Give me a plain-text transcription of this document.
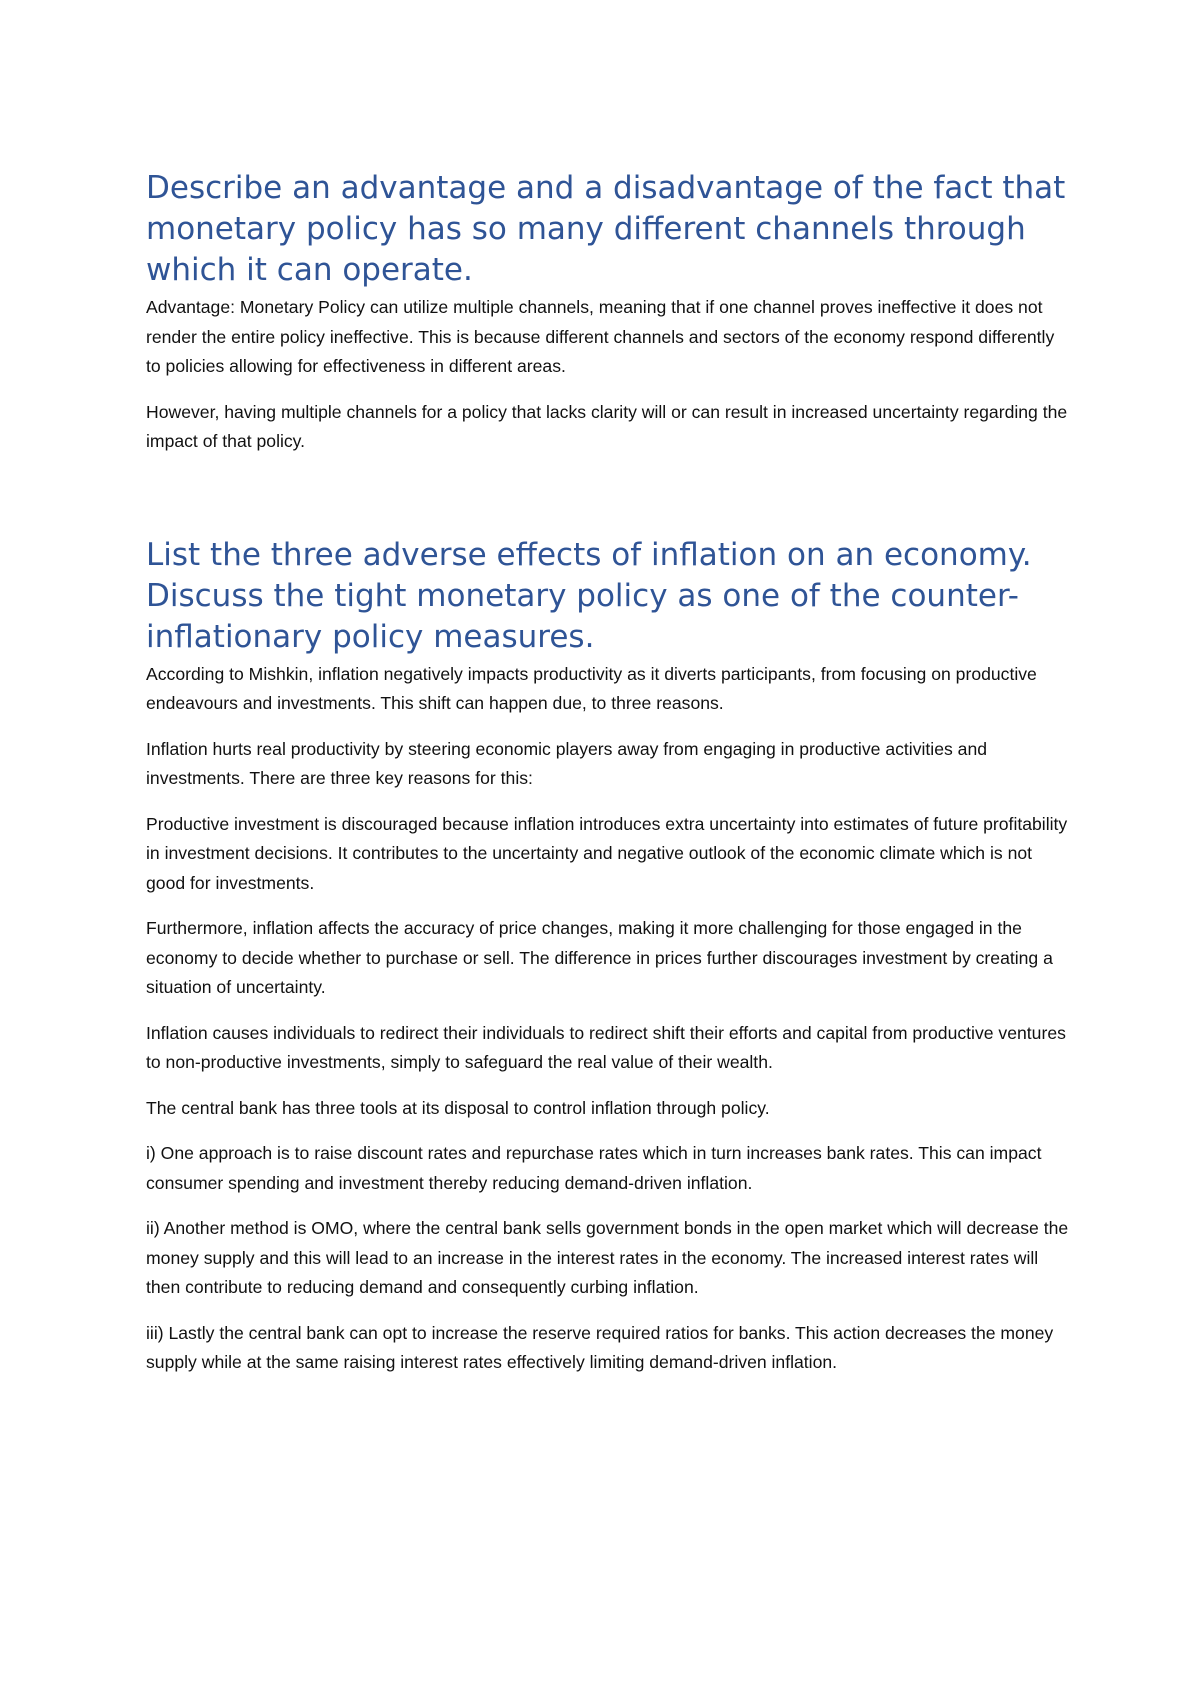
Describe an advantage and a disadvantage of the fact that monetary policy has so many different channels through which it can operate.

Advantage: Monetary Policy can utilize multiple channels, meaning that if one channel proves ineffective it does not render the entire policy ineffective. This is because different channels and sectors of the economy respond differently to policies allowing for effectiveness in different areas.

However, having multiple channels for a policy that lacks clarity will or can result in increased uncertainty regarding the impact of that policy.

List the three adverse effects of inflation on an economy. Discuss the tight monetary policy as one of the counter-inflationary policy measures.

According to Mishkin, inflation negatively impacts productivity as it diverts participants, from focusing on productive endeavours and investments. This shift can happen due, to three reasons.

Inflation hurts real productivity by steering economic players away from engaging in productive activities and investments. There are three key reasons for this:

Productive investment is discouraged because inflation introduces extra uncertainty into estimates of future profitability in investment decisions. It contributes to the uncertainty and negative outlook of the economic climate which is not good for investments.

Furthermore, inflation affects the accuracy of price changes, making it more challenging for those engaged in the economy to decide whether to purchase or sell. The difference in prices further discourages investment by creating a situation of uncertainty.

Inflation causes individuals to redirect their individuals to redirect shift their efforts and capital from productive ventures to non-productive investments, simply to safeguard the real value of their wealth.

The central bank has three tools at its disposal to control inflation through policy.

i) One approach is to raise discount rates and repurchase rates which in turn increases bank rates. This can impact consumer spending and investment thereby reducing demand-driven inflation.

ii) Another method is OMO, where the central bank sells government bonds in the open market which will decrease the money supply and this will lead to an increase in the interest rates in the economy. The increased interest rates will then contribute to reducing demand and consequently curbing inflation.

iii) Lastly the central bank can opt to increase the reserve required ratios for banks. This action decreases the money supply while at the same raising interest rates effectively limiting demand-driven inflation.
